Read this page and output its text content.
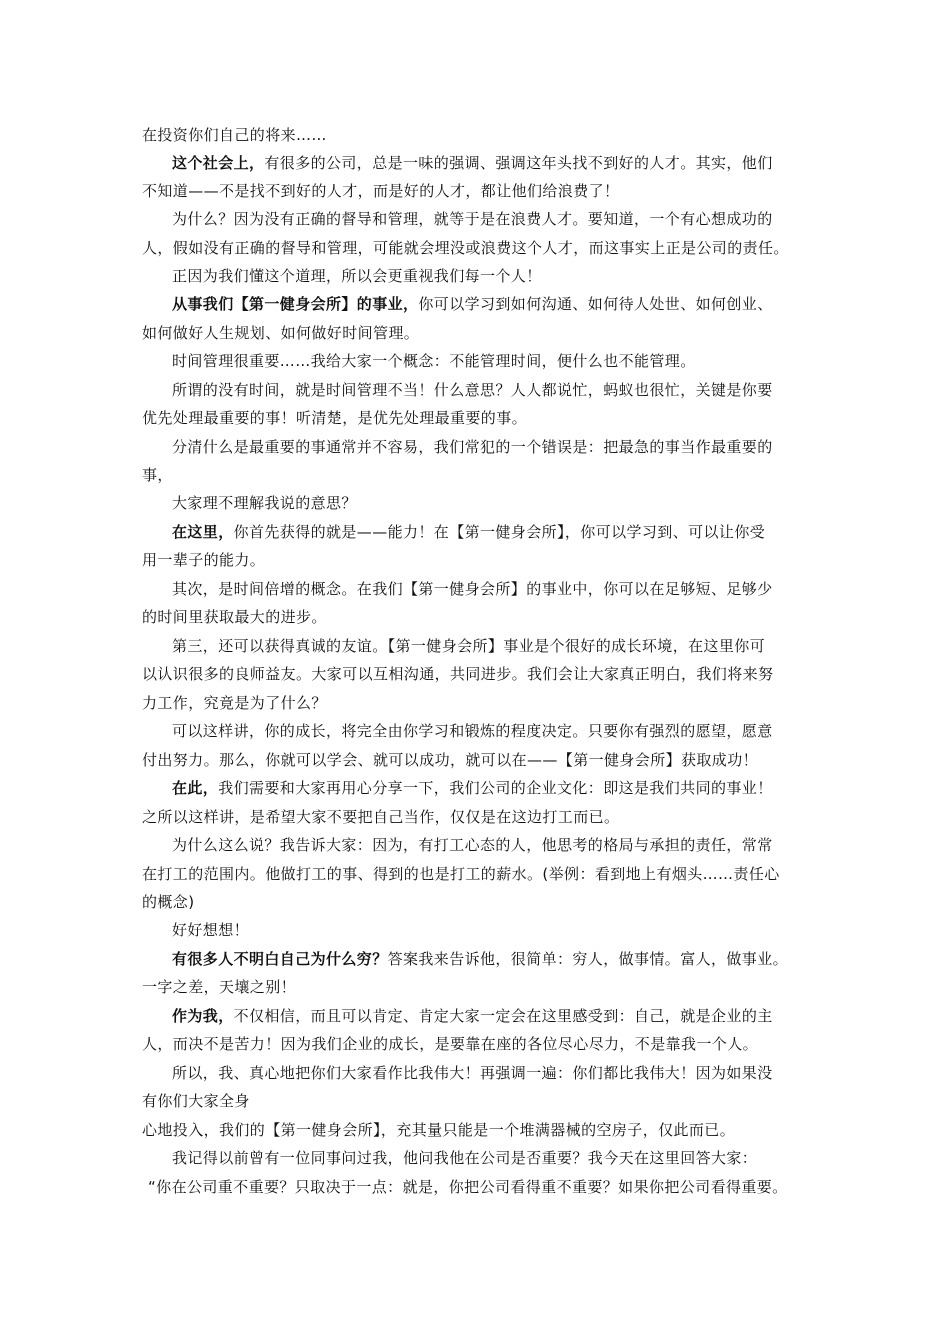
在投资你们自己的将来……
这个社会上，有很多的公司，总是一味的强调、强调这年头找不到好的人才。其实，他们
不知道——不是找不到好的人才，而是好的人才，都让他们给浪费了！
为什么？因为没有正确的督导和管理，就等于是在浪费人才。要知道，一个有心想成功的
人，假如没有正确的督导和管理，可能就会埋没或浪费这个人才，而这事实上正是公司的责任。
正因为我们懂这个道理，所以会更重视我们每一个人！
从事我们【第一健身会所】的事业，你可以学习到如何沟通、如何待人处世、如何创业、
如何做好人生规划、如何做好时间管理。
时间管理很重要……我给大家一个概念：不能管理时间，便什么也不能管理。
所谓的没有时间，就是时间管理不当！什么意思？人人都说忙，蚂蚁也很忙，关键是你要
优先处理最重要的事！听清楚，是优先处理最重要的事。
分清什么是最重要的事通常并不容易，我们常犯的一个错误是：把最急的事当作最重要的
事，
大家理不理解我说的意思？
在这里，你首先获得的就是——能力！在【第一健身会所】，你可以学习到、可以让你受
用一辈子的能力。
其次，是时间倍增的概念。在我们【第一健身会所】的事业中，你可以在足够短、足够少
的时间里获取最大的进步。
第三，还可以获得真诚的友谊。【第一健身会所】事业是个很好的成长环境，在这里你可
以认识很多的良师益友。大家可以互相沟通，共同进步。我们会让大家真正明白，我们将来努
力工作，究竟是为了什么？
可以这样讲，你的成长，将完全由你学习和锻炼的程度决定。只要你有强烈的愿望，愿意
付出努力。那么，你就可以学会、就可以成功，就可以在——【第一健身会所】获取成功！
在此，我们需要和大家再用心分享一下，我们公司的企业文化：即这是我们共同的事业！
之所以这样讲，是希望大家不要把自己当作，仅仅是在这边打工而已。
为什么这么说？我告诉大家：因为，有打工心态的人，他思考的格局与承担的责任，常常
在打工的范围内。他做打工的事、得到的也是打工的薪水。(举例：看到地上有烟头……责任心
的概念)
好好想想！
有很多人不明白自己为什么穷？答案我来告诉他，很简单：穷人，做事情。富人，做事业。
一字之差，天壤之别！
作为我，不仅相信，而且可以肯定、肯定大家一定会在这里感受到：自己，就是企业的主
人，而决不是苦力！因为我们企业的成长，是要靠在座的各位尽心尽力，不是靠我一个人。
所以，我、真心地把你们大家看作比我伟大！再强调一遍：你们都比我伟大！因为如果没
有你们大家全身
心地投入，我们的【第一健身会所】，充其量只能是一个堆满器械的空房子，仅此而已。
我记得以前曾有一位同事问过我，他问我他在公司是否重要？我今天在这里回答大家：
“你在公司重不重要？只取决于一点：就是，你把公司看得重不重要？如果你把公司看得重要。
